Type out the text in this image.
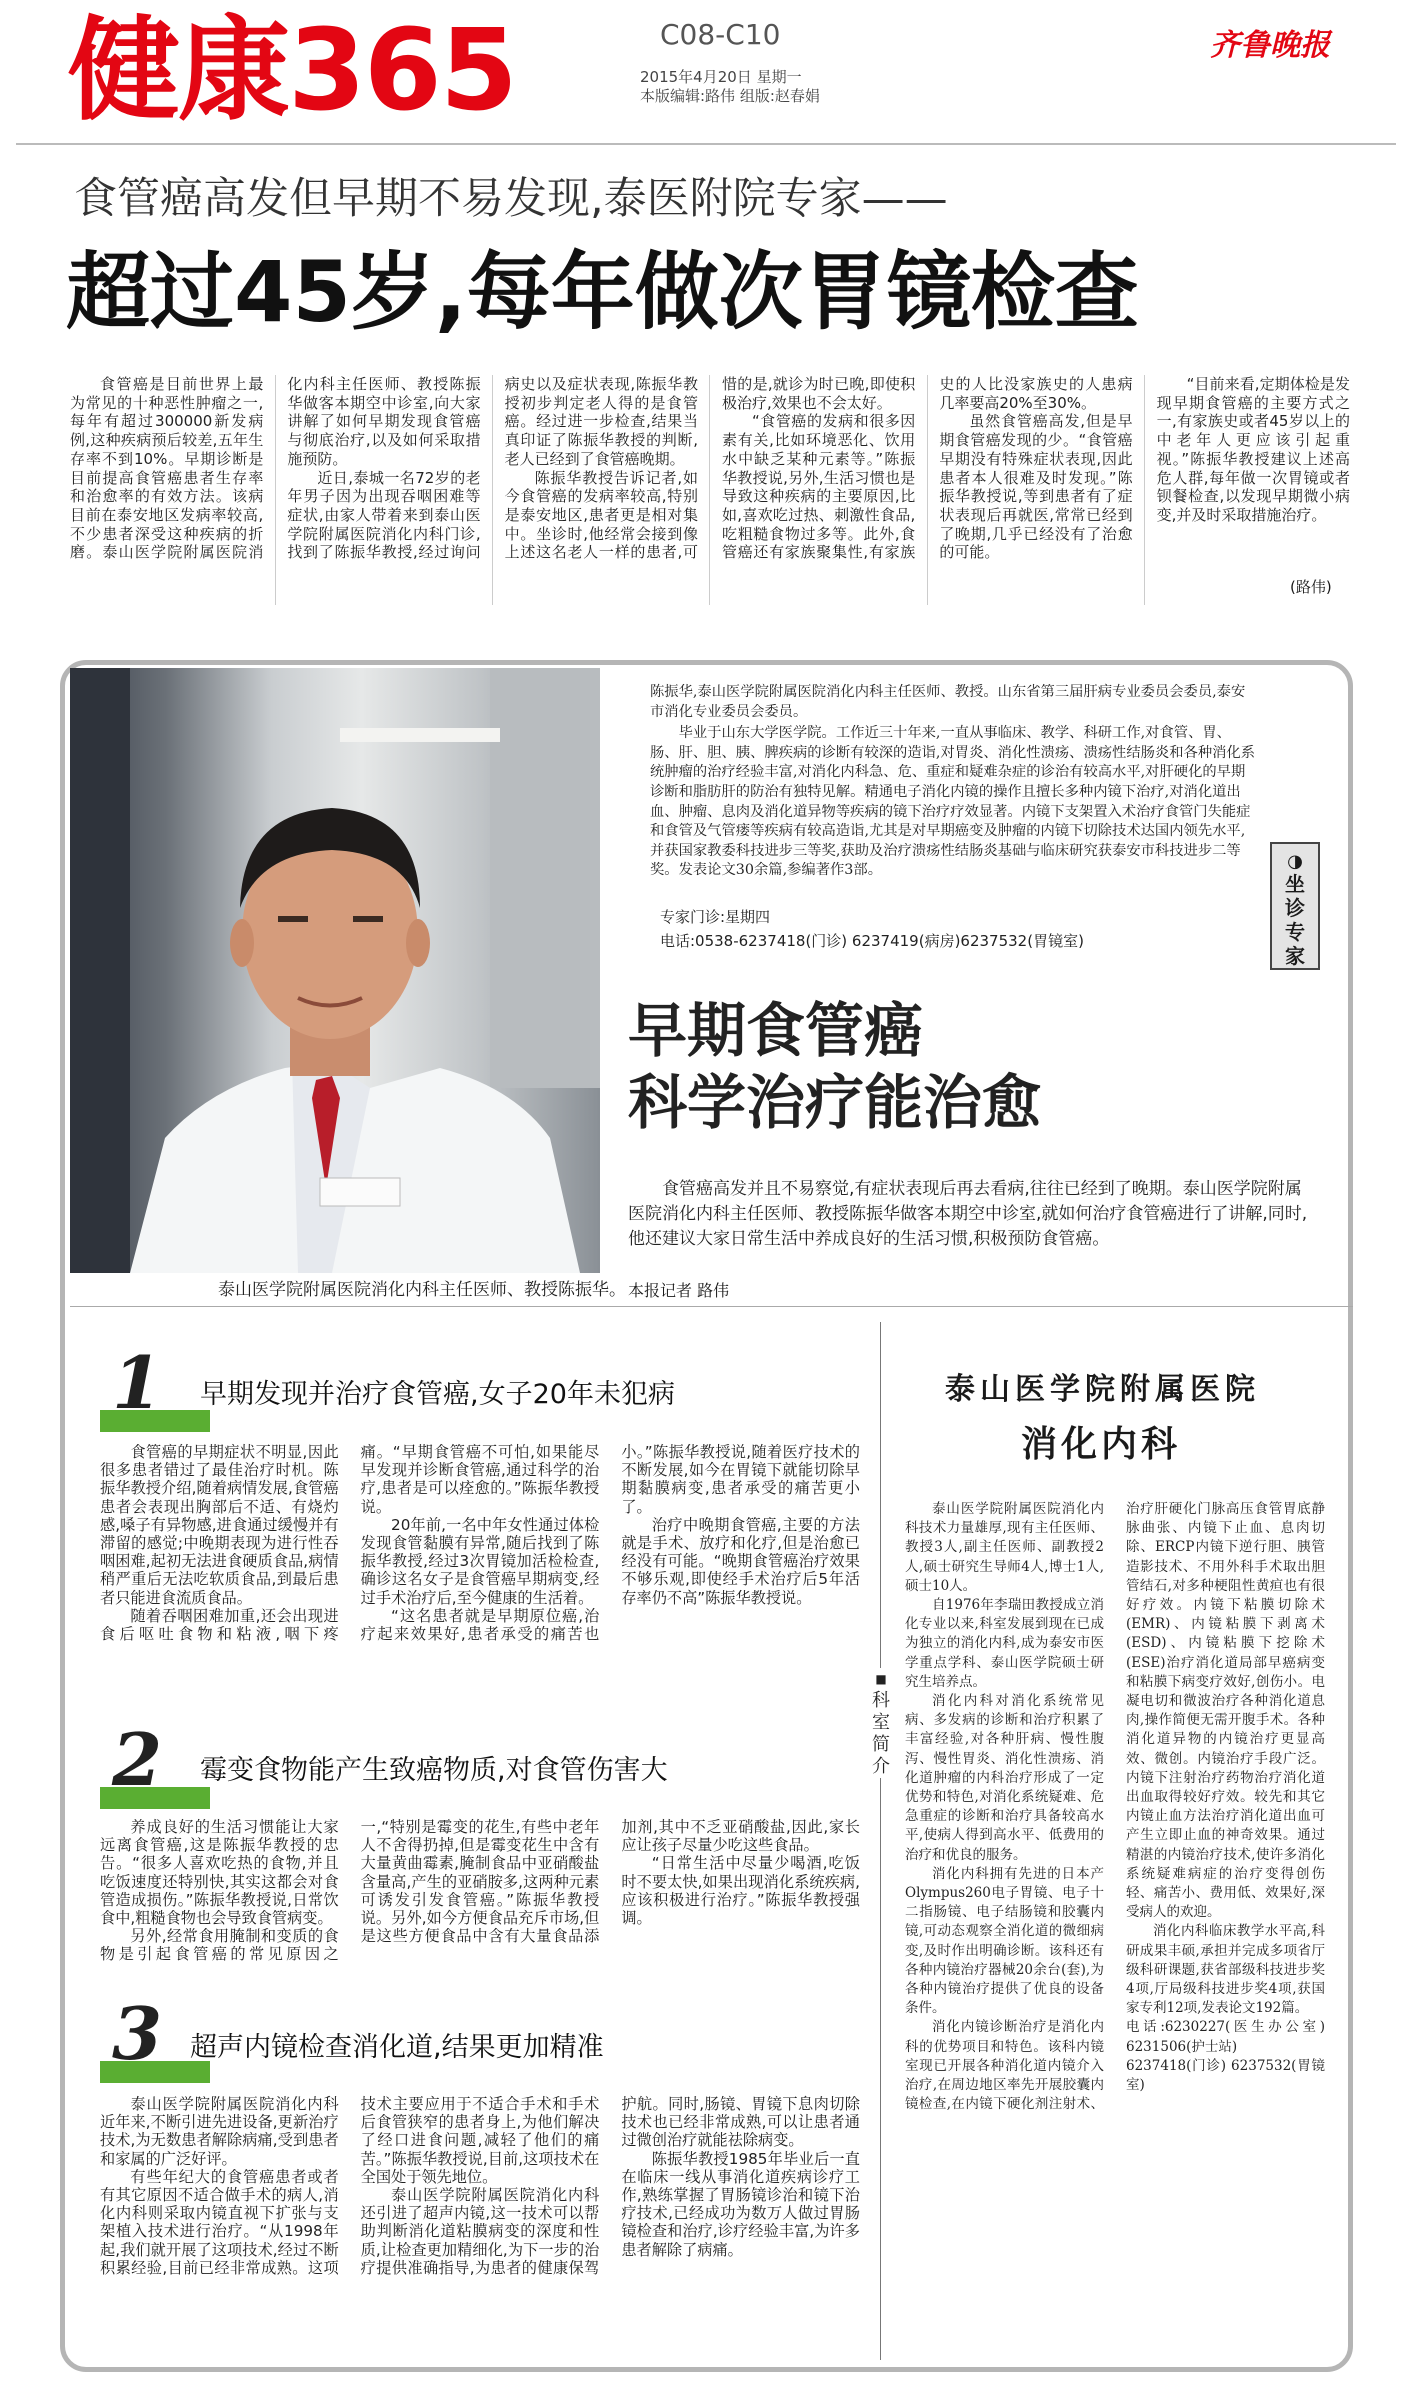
健康365	C08-C10
2015年4月20日 星期一
本版编辑:路伟 组版:赵春娟
齐鲁晚报
食管癌高发但早期不易发现,泰医附院专家——
超过45岁,每年做次胃镜检查

食管癌是目前世界上最为常见的十种恶性肿瘤之一,每年有超过300000新发病例,这种疾病预后较差,五年生存率不到10%。早期诊断是目前提高食管癌患者生存率和治愈率的有效方法。该病目前在泰安地区发病率较高,不少患者深受这种疾病的折磨。泰山医学院附属医院消化内科主任医师、教授陈振华做客本期空中诊室,向大家讲解了如何早期发现食管癌与彻底治疗,以及如何采取措施预防。

近日,泰城一名72岁的老年男子因为出现吞咽困难等症状,由家人带着来到泰山医学院附属医院消化内科门诊,找到了陈振华教授,经过询问病史以及症状表现,陈振华教授初步判定老人得的是食管癌。经过进一步检查,结果当真印证了陈振华教授的判断,老人已经到了食管癌晚期。

陈振华教授告诉记者,如今食管癌的发病率较高,特别是泰安地区,患者更是相对集中。坐诊时,他经常会接到像上述这名老人一样的患者,可惜的是,就诊为时已晚,即使积极治疗,效果也不会太好。

“食管癌的发病和很多因素有关,比如环境恶化、饮用水中缺乏某种元素等。”陈振华教授说,另外,生活习惯也是导致这种疾病的主要原因,比如,喜欢吃过热、刺激性食品,吃粗糙食物过多等。此外,食管癌还有家族聚集性,有家族史的人比没家族史的人患病几率要高20%至30%。

虽然食管癌高发,但是早期食管癌发现的少。“食管癌早期没有特殊症状表现,因此患者本人很难及时发现。”陈振华教授说,等到患者有了症状表现后再就医,常常已经到了晚期,几乎已经没有了治愈的可能。

“目前来看,定期体检是发现早期食管癌的主要方式之一,有家族史或者45岁以上的中老年人更应该引起重视。”陈振华教授建议上述高危人群,每年做一次胃镜或者钡餐检查,以发现早期微小病变,并及时采取措施治疗。

(路伟)
泰山医学院附属医院消化内科主任医师、教授陈振华。

陈振华,泰山医学院附属医院消化内科主任医师、教授。山东省第三届肝病专业委员会委员,泰安市消化专业委员会委员。

毕业于山东大学医学院。工作近三十年来,一直从事临床、教学、科研工作,对食管、胃、肠、肝、胆、胰、脾疾病的诊断有较深的造诣,对胃炎、消化性溃疡、溃疡性结肠炎和各种消化系统肿瘤的治疗经验丰富,对消化内科急、危、重症和疑难杂症的诊治有较高水平,对肝硬化的早期诊断和脂肪肝的防治有独特见解。精通电子消化内镜的操作且擅长多种内镜下治疗,对消化道出血、肿瘤、息肉及消化道异物等疾病的镜下治疗疗效显著。内镜下支架置入术治疗食管门失能症和食管及气管瘘等疾病有较高造诣,尤其是对早期癌变及肿瘤的内镜下切除技术达国内领先水平,并获国家教委科技进步三等奖,获助及治疗溃疡性结肠炎基础与临床研究获泰安市科技进步二等奖。发表论文30余篇,参编著作3部。

专家门诊:星期四
电话:0538-6237418(门诊) 6237419(病房)6237532(胃镜室)
◑
坐诊专家
早期食管癌
科学治疗能治愈
食管癌高发并且不易察觉,有症状表现后再去看病,往往已经到了晚期。泰山医学院附属医院消化内科主任医师、教授陈振华做客本期空中诊室,就如何治疗食管癌进行了讲解,同时,他还建议大家日常生活中养成良好的生活习惯,积极预防食管癌。
本报记者 路伟
1 早期发现并治疗食管癌,女子20年未犯病

食管癌的早期症状不明显,因此很多患者错过了最佳治疗时机。陈振华教授介绍,随着病情发展,食管癌患者会表现出胸部后不适、有烧灼感,嗓子有异物感,进食通过缓慢并有滞留的感觉;中晚期表现为进行性吞咽困难,起初无法进食硬质食品,病情稍严重后无法吃软质食品,到最后患者只能进食流质食品。

随着吞咽困难加重,还会出现进食后呕吐食物和粘液,咽下疼痛。“早期食管癌不可怕,如果能尽早发现并诊断食管癌,通过科学的治疗,患者是可以痊愈的。”陈振华教授说。

20年前,一名中年女性通过体检发现食管黏膜有异常,随后找到了陈振华教授,经过3次胃镜加活检检查,确诊这名女子是食管癌早期病变,经过手术治疗后,至今健康的生活着。

“这名患者就是早期原位癌,治疗起来效果好,患者承受的痛苦也小。”陈振华教授说,随着医疗技术的不断发展,如今在胃镜下就能切除早期黏膜病变,患者承受的痛苦更小了。

治疗中晚期食管癌,主要的方法就是手术、放疗和化疗,但是治愈已经没有可能。“晚期食管癌治疗效果不够乐观,即使经手术治疗后5年活存率仍不高”陈振华教授说。

2 霉变食物能产生致癌物质,对食管伤害大

养成良好的生活习惯能让大家远离食管癌,这是陈振华教授的忠告。“很多人喜欢吃热的食物,并且吃饭速度还特别快,其实这都会对食管造成损伤。”陈振华教授说,日常饮食中,粗糙食物也会导致食管病变。

另外,经常食用腌制和变质的食物是引起食管癌的常见原因之一,“特别是霉变的花生,有些中老年人不舍得扔掉,但是霉变花生中含有大量黄曲霉素,腌制食品中亚硝酸盐含量高,产生的亚硝胺多,这两种元素可诱发引发食管癌。”陈振华教授说。另外,如今方便食品充斥市场,但是这些方便食品中含有大量食品添加剂,其中不乏亚硝酸盐,因此,家长应让孩子尽量少吃这些食品。

“日常生活中尽量少喝酒,吃饭时不要太快,如果出现消化系统疾病,应该积极进行治疗。”陈振华教授强调。

3 超声内镜检查消化道,结果更加精准

泰山医学院附属医院消化内科近年来,不断引进先进设备,更新治疗技术,为无数患者解除病痛,受到患者和家属的广泛好评。

有些年纪大的食管癌患者或者有其它原因不适合做手术的病人,消化内科则采取内镜直视下扩张与支架植入技术进行治疗。“从1998年起,我们就开展了这项技术,经过不断积累经验,目前已经非常成熟。这项技术主要应用于不适合手术和手术后食管狭窄的患者身上,为他们解决了经口进食问题,减轻了他们的痛苦。”陈振华教授说,目前,这项技术在全国处于领先地位。

泰山医学院附属医院消化内科还引进了超声内镜,这一技术可以帮助判断消化道粘膜病变的深度和性质,让检查更加精细化,为下一步的治疗提供准确指导,为患者的健康保驾护航。同时,肠镜、胃镜下息肉切除技术也已经非常成熟,可以让患者通过微创治疗就能祛除病变。

陈振华教授1985年毕业后一直在临床一线从事消化道疾病诊疗工作,熟练掌握了胃肠镜诊治和镜下治疗技术,已经成功为数万人做过胃肠镜检查和治疗,诊疗经验丰富,为许多患者解除了病痛。

泰山医学院附属医院
消化内科
■
科室简介

泰山医学院附属医院消化内科技术力量雄厚,现有主任医师、教授3人,副主任医师、副教授2人,硕士研究生导师4人,博士1人,硕士10人。

自1976年李瑞田教授成立消化专业以来,科室发展到现在已成为独立的消化内科,成为泰安市医学重点学科、泰山医学院硕士研究生培养点。

消化内科对消化系统常见病、多发病的诊断和治疗积累了丰富经验,对各种肝病、慢性腹泻、慢性胃炎、消化性溃疡、消化道肿瘤的内科治疗形成了一定优势和特色,对消化系统疑难、危急重症的诊断和治疗具备较高水平,使病人得到高水平、低费用的治疗和优良的服务。

消化内科拥有先进的日本产Olympus260电子胃镜、电子十二指肠镜、电子结肠镜和胶囊内镜,可动态观察全消化道的微细病变,及时作出明确诊断。该科还有各种内镜治疗器械20余台(套),为各种内镜治疗提供了优良的设备条件。

消化内镜诊断治疗是消化内科的优势项目和特色。该科内镜室现已开展各种消化道内镜介入治疗,在周边地区率先开展胶囊内镜检查,在内镜下硬化剂注射术、治疗肝硬化门脉高压食管胃底静脉曲张、内镜下止血、息肉切除、ERCP内镜下逆行胆、胰管造影技术、不用外科手术取出胆管结石,对多种梗阻性黄疸也有很好疗效。内镜下粘膜切除术(EMR)、内镜粘膜下剥离术(ESD)、内镜粘膜下挖除术(ESE)治疗消化道局部早癌病变和粘膜下病变疗效好,创伤小。电凝电切和微波治疗各种消化道息肉,操作简便无需开腹手术。各种消化道异物的内镜治疗更显高效、微创。内镜治疗手段广泛。内镜下注射治疗药物治疗消化道出血取得较好疗效。较先和其它内镜止血方法治疗消化道出血可产生立即止血的神奇效果。通过精湛的内镜治疗技术,使许多消化系统疑难病症的治疗变得创伤轻、痛苦小、费用低、效果好,深受病人的欢迎。

消化内科临床教学水平高,科研成果丰硕,承担并完成多项省厅级科研课题,获省部级科技进步奖4项,厅局级科技进步奖4项,获国家专利12项,发表论文192篇。

电话:6230227(医生办公室) 6231506(护士站)

6237418(门诊) 6237532(胃镜室)
